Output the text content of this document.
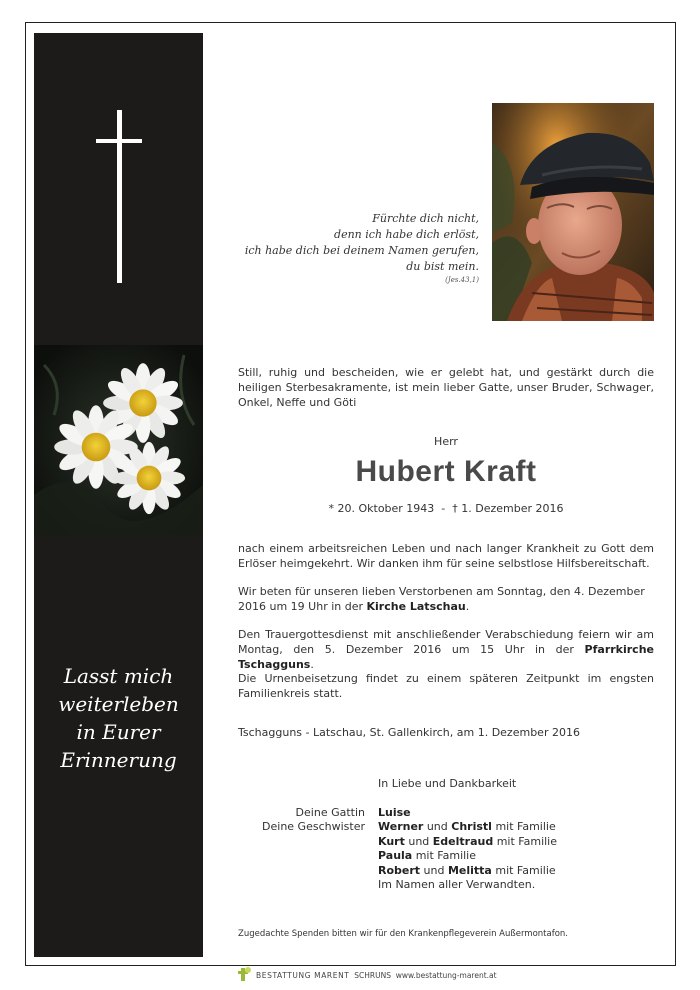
Lasst mich
weiterleben
in Eurer
Erinnerung
Fürchte dich nicht,
denn ich habe dich erlöst,
ich habe dich bei deinem Namen gerufen,
du bist mein.
(Jes.43,1)
Still, ruhig und bescheiden, wie er gelebt hat, und gestärkt durch die heiligen Sterbesakramente, ist mein lieber Gatte, unser Bruder, Schwager, Onkel, Neffe und Göti
Herr
Hubert Kraft
* 20. Oktober 1943  -  † 1. Dezember 2016
nach einem arbeitsreichen Leben und nach langer Krankheit zu Gott dem Erlöser heimgekehrt. Wir danken ihm für seine selbstlose Hilfsbereitschaft.
Wir beten für unseren lieben Verstorbenen am Sonntag, den 4. Dezember 2016 um 19 Uhr in der Kirche Latschau.
Den Trauergottesdienst mit anschließender Verabschiedung feiern wir am Montag, den 5. Dezember 2016 um 15 Uhr in der Pfarrkirche Tschagguns.
Die Urnenbeisetzung findet zu einem späteren Zeitpunkt im engsten Familienkreis statt.
Tschagguns - Latschau, St. Gallenkirch, am 1. Dezember 2016
In Liebe und Dankbarkeit
Deine Gattin
Deine Geschwister
Luise
Werner und Christl mit Familie
Kurt und Edeltraud mit Familie
Paula mit Familie
Robert und Melitta mit Familie
Im Namen aller Verwandten.
Zugedachte Spenden bitten wir für den Krankenpflegeverein Außermontafon.
BESTATTUNG MARENT SCHRUNS www.bestattung-marent.at
